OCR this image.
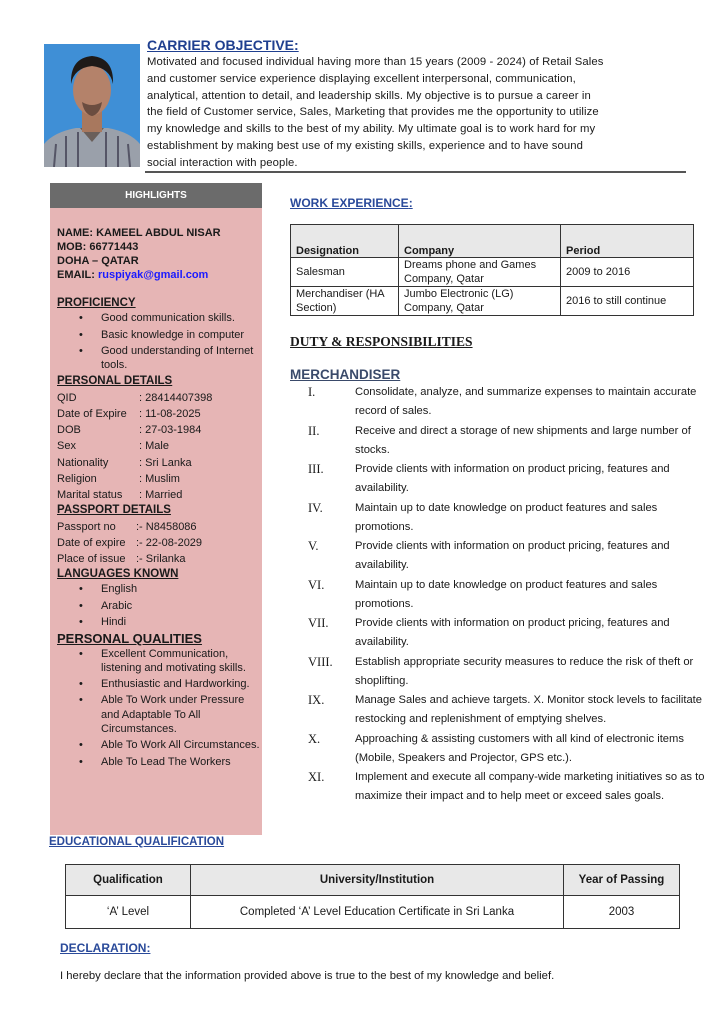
CARRIER OBJECTIVE:
Motivated and focused individual having more than 15 years (2009 - 2024) of Retail Sales
and customer service experience displaying excellent interpersonal, communication,
analytical, attention to detail, and leadership skills. My objective is to pursue a career in
the field of Customer service, Sales, Marketing that provides me the opportunity to utilize
my knowledge and skills to the best of my ability. My ultimate goal is to work hard for my
establishment by making best use of my existing skills, experience and to have sound
social interaction with people.
HIGHLIGHTS
NAME: KAMEEL ABDUL NISAR
MOB: 66771443
DOHA – QATAR
EMAIL: ruspiyak@gmail.com
PROFICIENCY
• Good communication skills.
• Basic knowledge in computer
• Good understanding of Internet tools.
PERSONAL DETAILS
QID	: 28414407398
Date of Expire	: 11-08-2025
DOB	: 27-03-1984
Sex	: Male
Nationality	: Sri Lanka
Religion	: Muslim
Marital status	: Married
PASSPORT DETAILS
Passport no	:- N8458086
Date of expire :- 22-08-2029
Place of issue :- Srilanka
LANGUAGES KNOWN
• English
• Arabic
• Hindi
PERSONAL QUALITIES
• Excellent Communication, listening and motivating skills.
• Enthusiastic and Hardworking.
• Able To Work under Pressure and Adaptable To All Circumstances.
• Able To Work All Circumstances.
• Able To Lead The Workers
WORK EXPERIENCE:
Designation	Company	Period
Salesman	Dreams phone and Games Company, Qatar	2009 to 2016
Merchandiser (HA Section)	Jumbo Electronic (LG) Company, Qatar	2016 to still continue
DUTY & RESPONSIBILITIES
MERCHANDISER
I.	Consolidate, analyze, and summarize expenses to maintain accurate record of sales.
II.	Receive and direct a storage of new shipments and large number of stocks.
III.	Provide clients with information on product pricing, features and availability.
IV.	Maintain up to date knowledge on product features and sales promotions.
V.	Provide clients with information on product pricing, features and availability.
VI.	Maintain up to date knowledge on product features and sales promotions.
VII.	Provide clients with information on product pricing, features and availability.
VIII.	Establish appropriate security measures to reduce the risk of theft or shoplifting.
IX.	Manage Sales and achieve targets. X. Monitor stock levels to facilitate restocking and replenishment of emptying shelves.
X.	Approaching & assisting customers with all kind of electronic items (Mobile, Speakers and Projector, GPS etc.).
XI.	Implement and execute all company-wide marketing initiatives so as to maximize their impact and to help meet or exceed sales goals.
EDUCATIONAL QUALIFICATION
Qualification	University/Institution	Year of Passing
‘A’ Level	Completed ‘A’ Level Education Certificate in Sri Lanka	2003
DECLARATION:
I hereby declare that the information provided above is true to the best of my knowledge and belief.
